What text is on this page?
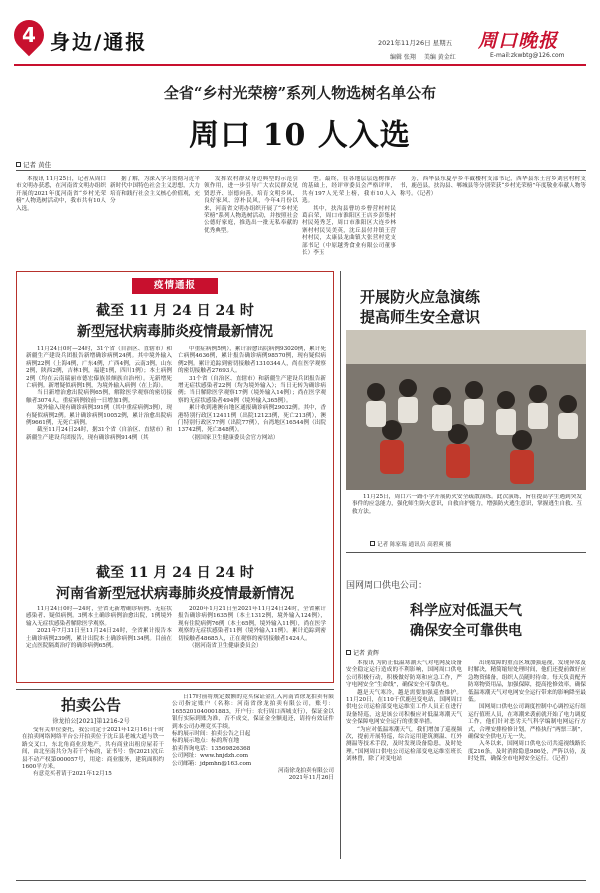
4 身边/通报	2021年11月26日 星期五
编辑 张翔 　美编 黄金红
周口晚报
E-mail:zkwbtg@126.com
全省“乡村光荣榜”系列人物选树名单公布
周口 10 人入选
记者 黄佳

本报讯 11月25日，记者从周口市文明办获悉，在河南省文明办组织开展的2021年度河南省“乡村光荣榜”人物选树活动中，我市共有10人入选。

据了解，为深入学习贯彻习近平新时代中国特色社会主义思想，大力培育和践行社会主义核心价值观，充分

发挥农村群众身边典型的示范引领作用，进一步引导广大农民群众见贤思齐、崇德向善，培育文明乡风、良好家风、淳朴民风，今年4月份以来，河南省文明办组织开展了“乡村光荣榜”系列人物选树活动，并按照社会公德好家庭，推选出一批无私奉献的优秀典型。

型。最终，在各地层层选树推荐的基础上，经评审委员会严格评审，共有197人光荣上榜，我市10人入选。

其中，扶沟县曹坊乡曹营村村民葛启荣，周口市淮阳区王店乡彭集村村民苑秀芝，周口市淮阳区大连乡林寨村村民吴美英，沈丘县付井镇王营村村民，太康县龙曲镇大张营村党支部书记（中原越秀食业有限公司董事长）李玉

芳，西华县东夏亭乡半截楼村支部书记，西华县东王营乡刘营村村支书，鹿邑县，扶沟县、郸城县等分别荣获“乡村光荣榜”年度敬业奉献人物等称号。（记者）

疫情通报
截至 11 月 24 日 24 时
新型冠状病毒肺炎疫情最新情况

11月24日0时—24时，31个省（自治区、直辖市）和新疆生产建设兵团报告新增确诊病例24例。其中境外输入病例22例（上海4例，广东4例，广西4例，云南3例，山东2例，陕西2例，吉林1例，福建1例，四川1例）；本土病例2例（均在云南瑞丽市德宏傣族景颇族自治州）。无新增死亡病例。新增疑似病例1例，为境外输入病例（在上海）。

当日新增治愈出院病例65例，解除医学观察的密切接触者3074人，重症病例较前一日增加1例。

境外输入现有确诊病例391例（其中重症病例3例），现有疑似病例2例。累计确诊病例10052例，累计治愈出院病例9661例，无死亡病例。

截至11月24日24时，据31个省（自治区、直辖市）和新疆生产建设兵团报告，现有确诊病例914例（其

中重症病例5例），累计治愈出院病例93020例，累计死亡病例4636例，累计报告确诊病例98570例，现有疑似病例2例。累计追踪到密切接触者1310344人，尚在医学观察的密切接触者27693人。

31个省（自治区、直辖市）和新疆生产建设兵团报告新增无症状感染者22例（均为境外输入）；当日无转为确诊病例；当日解除医学观察17例（境外输入14例）；尚在医学观察的无症状感染者494例（境外输入365例）。

累计收到港澳台地区通报确诊病例29032例。其中，香港特别行政区12411例（出院12123例，死亡213例），澳门特别行政区77例（出院77例），台湾地区16544例（出院13742例，死亡848例）。

（据国家卫生健康委员会官方网站）

截至 11 月 24 日 24 时
河南省新型冠状病毒肺炎疫情最新情况

11月24日0时—24时，全省无新增确诊病例、无症状感染者、疑似病例。3例本土确诊病例治愈出院，1例境外输入无症状感染者解除医学观察。

2021年7月31日至11月24日24时，全省累计报告本土确诊病例239例，累计出院本土确诊病例134例。目前在定点医院隔离治疗的确诊病例65例。

2020年1月21日至2021年11月24日24时，全省累计报告确诊病例1635例（本土1312例，境外输入124例），现有住院病例76例（本土65例，境外输入11例），尚在医学观察的无症状感染者11例（境外输入11例）。累计追踪到密切接触者48685人，正在观察的密切接触者1424人。

（据河南省卫生健康委员会）

开展防火应急演练
提高师生安全意识

11月25日，周口六一路小学开展防火安全疏散演练。此次演练，旨在提高学生遇到突发事件的应急能力，强化师生防火意识，自救自护能力，增强防火逃生意识，掌握逃生自救、互救方法。

记者 陈家瑞 通讯员 高碧爽 摄
国网周口供电公司：
科学应对低温天气
确保安全可靠供电
记者 黄辉

本报讯 为防止低温寒潮天气对电网及设备安全稳定运行造成的不利影响，国网周口供电公司积极行动，积极做好防寒和应急工作，严守电网安全“生命线”，确保安全可靠供电。

越是天气寒冷，越是需要加强巡查维护。11月20日，在110千伏鹿邑变电站，国网周口供电公司运检部变电运维室工作人员正在进行设备特巡，这是该公司积极应对低温寒潮天气安全保障电网安全运行的重要举措。

“为应对低温寒潮天气，我们增加了巡视频次，提前开展特巡，综合运用建筑测温、红外测温等技术手段，及时发现设备隐患，及时处理。”国网周口供电公司运检部变电运维室班长刘林曾，除了对变电站

出现故障的重点区域加强巡视，发现异常及时解决，精简缩短处理时间，他们还提前做好应急物资储备，组织人员随时待命。每天负责配齐防寒物资用品，加强保障，提高抢修效率，确保低温寒潮天气对电网安全运行带来的影响降至最低。

国网周口供电公司调度控制中心调控运行组运行值班人员，在寒潮来袭前就开始了电力调度工作，他们针对恶劣天气科学编制电网运行方式，合理安排检修计划，严格执行“两票三制”，确保安全供电万无一失。

入冬以来，国网周口供电公司共巡视线路长度216条，及时消除隐患986处，严阵以待，及时处置，确保全市电网安全运行。（记者）

拍卖公告
徐龙拍公[2021]第1216-2号

受有关单位委托，我公司定于2021年12月16日十时在拍卖网络网络平台公开拍卖位于沈丘县老城大道与铁一路交叉口，东北角商业房地产，共有商业出租房屋若干间，由北至南共分为若干个标的，证书号：鲁(2021)沈丘县不动产权第000057号，用途：商业服务，建筑面积约1600平方米。

有意竞买者请于2021年12月15

日17时前将规定数额的竞买保证金汇入河南省徐龙拍卖有限公司指定账户（名称：河南省徐龙拍卖有限公司，账号：1655201040001883，开户行：农行周口西城支行），保证金以银行实际到账为准，否不成交，保证金全额退还，请持有效证件到本公司办理竞买手续。

标的展示时间：拍卖公告之日起
标的展示地点：标的所在地
拍卖咨询电话：13569826368
公司网址：www.hnjdzh.com
公司邮箱：jdpmhn@163.com
河南徐龙拍卖有限公司
2021年11月26日
